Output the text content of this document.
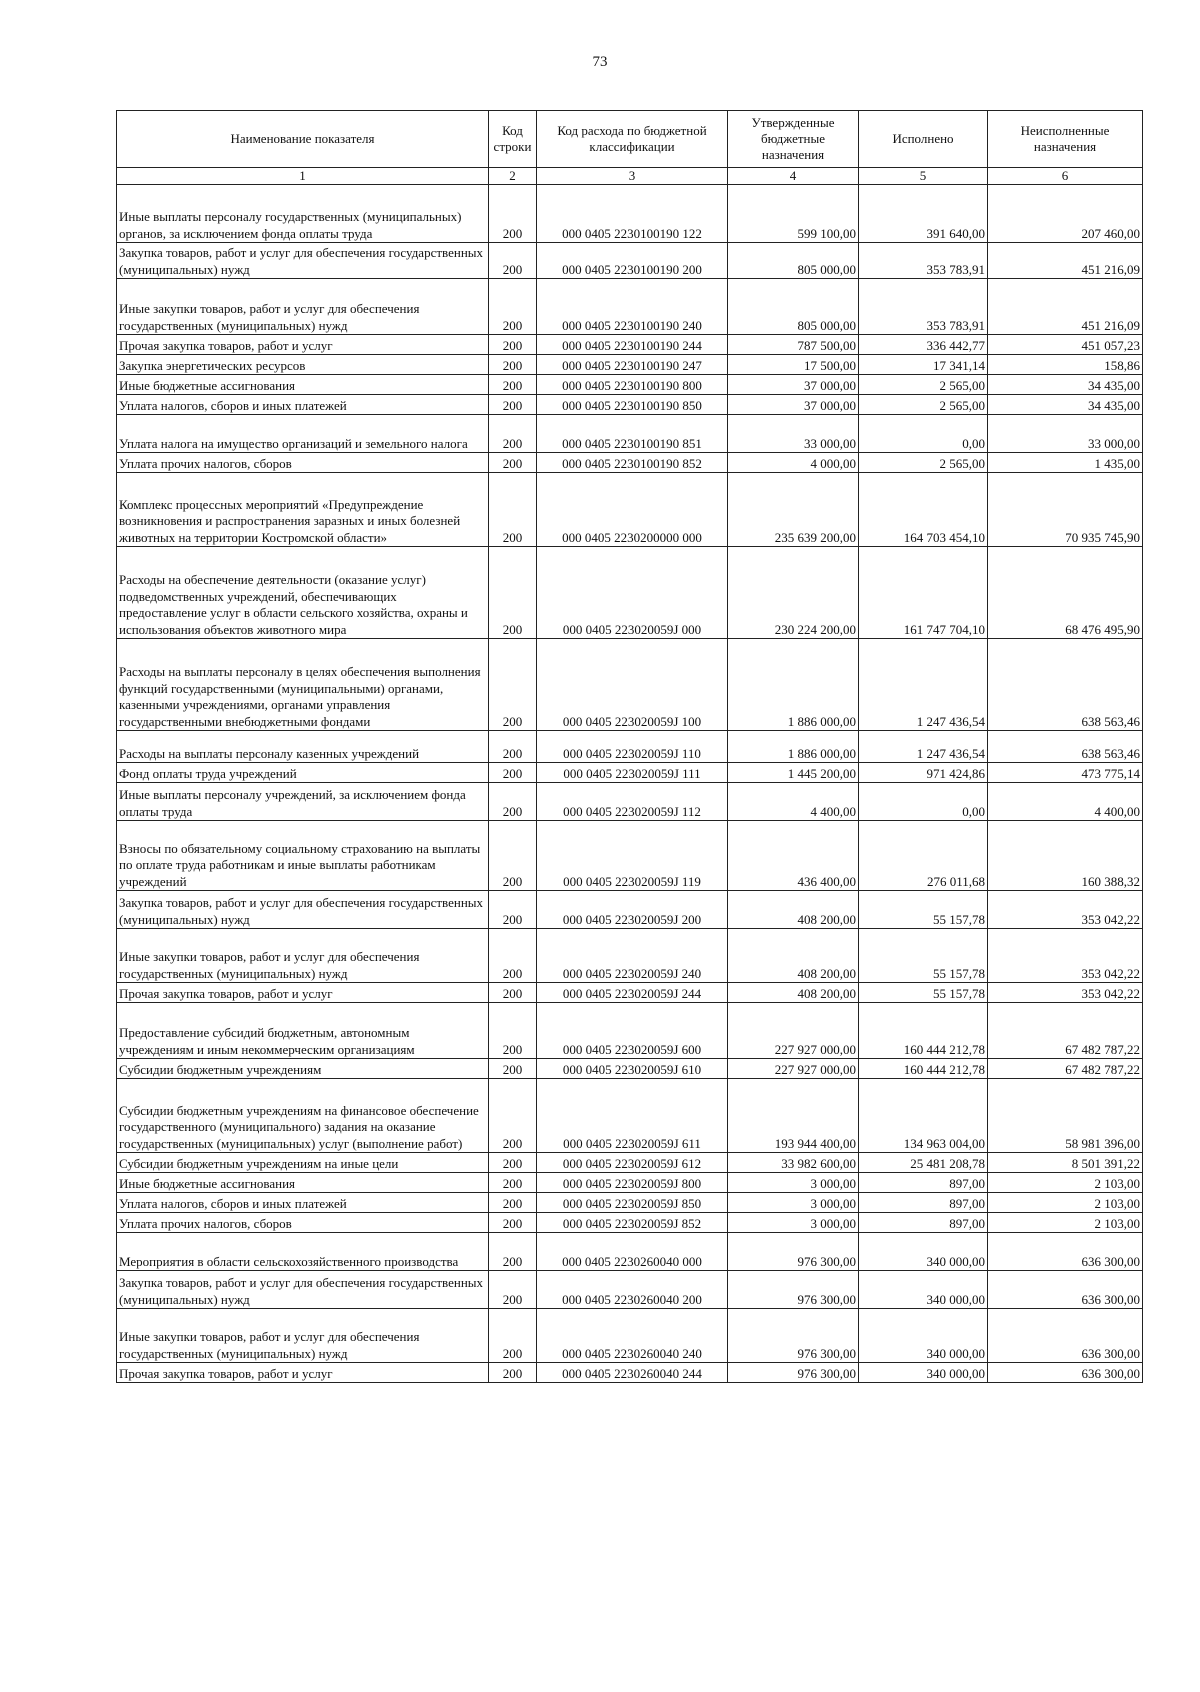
73
Наименование показателя	Код строки	Код расхода по бюджетной классификации	Утвержденные бюджетные назначения	Исполнено	Неисполненные назначения
1	2	3	4	5	6
Иные выплаты персоналу государственных (муниципальных) органов, за исключением фонда оплаты труда	200	000 0405 2230100190 122	599 100,00	391 640,00	207 460,00
Закупка товаров, работ и услуг для обеспечения государственных (муниципальных) нужд	200	000 0405 2230100190 200	805 000,00	353 783,91	451 216,09
Иные закупки товаров, работ и услуг для обеспечения государственных (муниципальных) нужд	200	000 0405 2230100190 240	805 000,00	353 783,91	451 216,09
Прочая закупка товаров, работ и услуг	200	000 0405 2230100190 244	787 500,00	336 442,77	451 057,23
Закупка энергетических ресурсов	200	000 0405 2230100190 247	17 500,00	17 341,14	158,86
Иные бюджетные ассигнования	200	000 0405 2230100190 800	37 000,00	2 565,00	34 435,00
Уплата налогов, сборов и иных платежей	200	000 0405 2230100190 850	37 000,00	2 565,00	34 435,00
Уплата налога на имущество организаций и земельного налога	200	000 0405 2230100190 851	33 000,00	0,00	33 000,00
Уплата прочих налогов, сборов	200	000 0405 2230100190 852	4 000,00	2 565,00	1 435,00
Комплекс процессных мероприятий «Предупреждение возникновения и распространения заразных и иных болезней животных на территории Костромской области»	200	000 0405 2230200000 000	235 639 200,00	164 703 454,10	70 935 745,90
Расходы на обеспечение деятельности (оказание услуг) подведомственных учреждений, обеспечивающих предоставление услуг в области сельского хозяйства, охраны и использования объектов животного мира	200	000 0405 223020059J 000	230 224 200,00	161 747 704,10	68 476 495,90
Расходы на выплаты персоналу в целях обеспечения выполнения функций государственными (муниципальными) органами, казенными учреждениями, органами управления государственными внебюджетными фондами	200	000 0405 223020059J 100	1 886 000,00	1 247 436,54	638 563,46
Расходы на выплаты персоналу казенных учреждений	200	000 0405 223020059J 110	1 886 000,00	1 247 436,54	638 563,46
Фонд оплаты труда учреждений	200	000 0405 223020059J 111	1 445 200,00	971 424,86	473 775,14
Иные выплаты персоналу учреждений, за исключением фонда оплаты труда	200	000 0405 223020059J 112	4 400,00	0,00	4 400,00
Взносы по обязательному социальному страхованию на выплаты по оплате труда работникам и иные выплаты работникам учреждений	200	000 0405 223020059J 119	436 400,00	276 011,68	160 388,32
Закупка товаров, работ и услуг для обеспечения государственных (муниципальных) нужд	200	000 0405 223020059J 200	408 200,00	55 157,78	353 042,22
Иные закупки товаров, работ и услуг для обеспечения государственных (муниципальных) нужд	200	000 0405 223020059J 240	408 200,00	55 157,78	353 042,22
Прочая закупка товаров, работ и услуг	200	000 0405 223020059J 244	408 200,00	55 157,78	353 042,22
Предоставление субсидий бюджетным, автономным учреждениям и иным некоммерческим организациям	200	000 0405 223020059J 600	227 927 000,00	160 444 212,78	67 482 787,22
Субсидии бюджетным учреждениям	200	000 0405 223020059J 610	227 927 000,00	160 444 212,78	67 482 787,22
Субсидии бюджетным учреждениям на финансовое обеспечение государственного (муниципального) задания на оказание государственных (муниципальных) услуг (выполнение работ)	200	000 0405 223020059J 611	193 944 400,00	134 963 004,00	58 981 396,00
Субсидии бюджетным учреждениям на иные цели	200	000 0405 223020059J 612	33 982 600,00	25 481 208,78	8 501 391,22
Иные бюджетные ассигнования	200	000 0405 223020059J 800	3 000,00	897,00	2 103,00
Уплата налогов, сборов и иных платежей	200	000 0405 223020059J 850	3 000,00	897,00	2 103,00
Уплата прочих налогов, сборов	200	000 0405 223020059J 852	3 000,00	897,00	2 103,00
Мероприятия в области сельскохозяйственного производства	200	000 0405 2230260040 000	976 300,00	340 000,00	636 300,00
Закупка товаров, работ и услуг для обеспечения государственных (муниципальных) нужд	200	000 0405 2230260040 200	976 300,00	340 000,00	636 300,00
Иные закупки товаров, работ и услуг для обеспечения государственных (муниципальных) нужд	200	000 0405 2230260040 240	976 300,00	340 000,00	636 300,00
Прочая закупка товаров, работ и услуг	200	000 0405 2230260040 244	976 300,00	340 000,00	636 300,00
